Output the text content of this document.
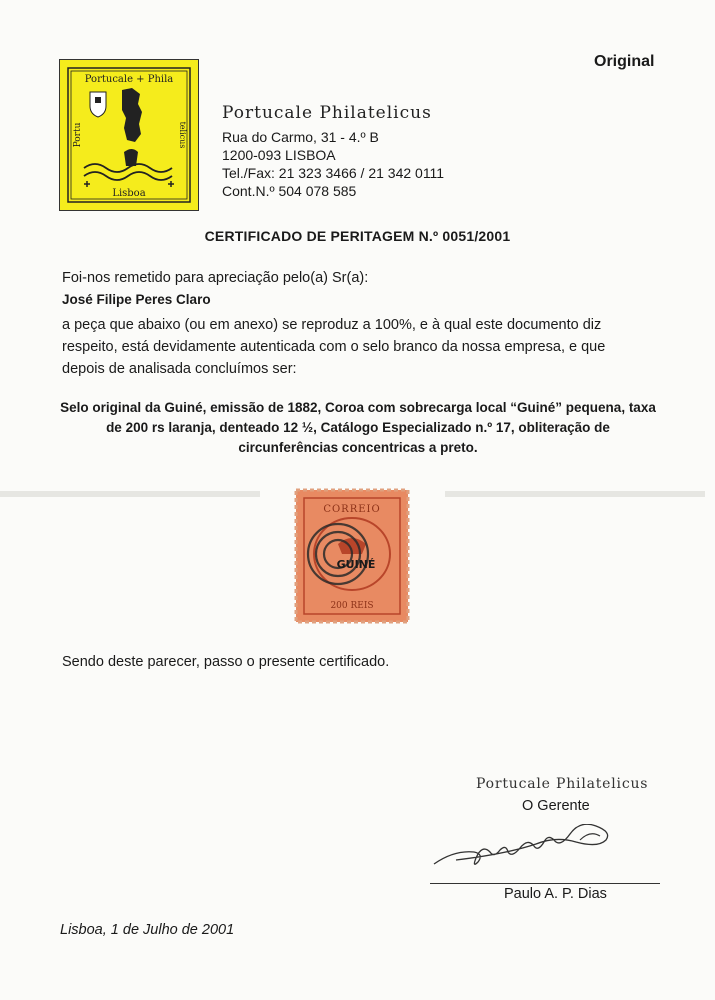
Original
Portucale + Phila
Portu	telicus
Lisboa
Portucale Philatelicus
Rua do Carmo, 31 - 4.º B
1200-093 LISBOA
Tel./Fax: 21 323 3466 / 21 342 0111
Cont.N.º 504 078 585
CERTIFICADO DE PERITAGEM N.º 0051/2001
Foi-nos remetido para apreciação pelo(a) Sr(a):
José Filipe Peres Claro
a peça que abaixo (ou em anexo) se reproduz a 100%, e à qual este documento diz respeito, está devidamente autenticada com o selo branco da nossa empresa, e que depois de analisada concluímos ser:
Selo original da Guiné, emissão de 1882, Coroa com sobrecarga local “Guiné” pequena, taxa de 200 rs laranja, denteado 12 ½, Catálogo Especializado n.º 17, obliteração de circunferências concentricas a preto.
CORREIO
GUINÉ
200 REIS
Sendo deste parecer, passo o presente certificado.
Portucale Philatelicus
O Gerente
Paulo A. P. Dias
Lisboa, 1 de Julho de 2001
